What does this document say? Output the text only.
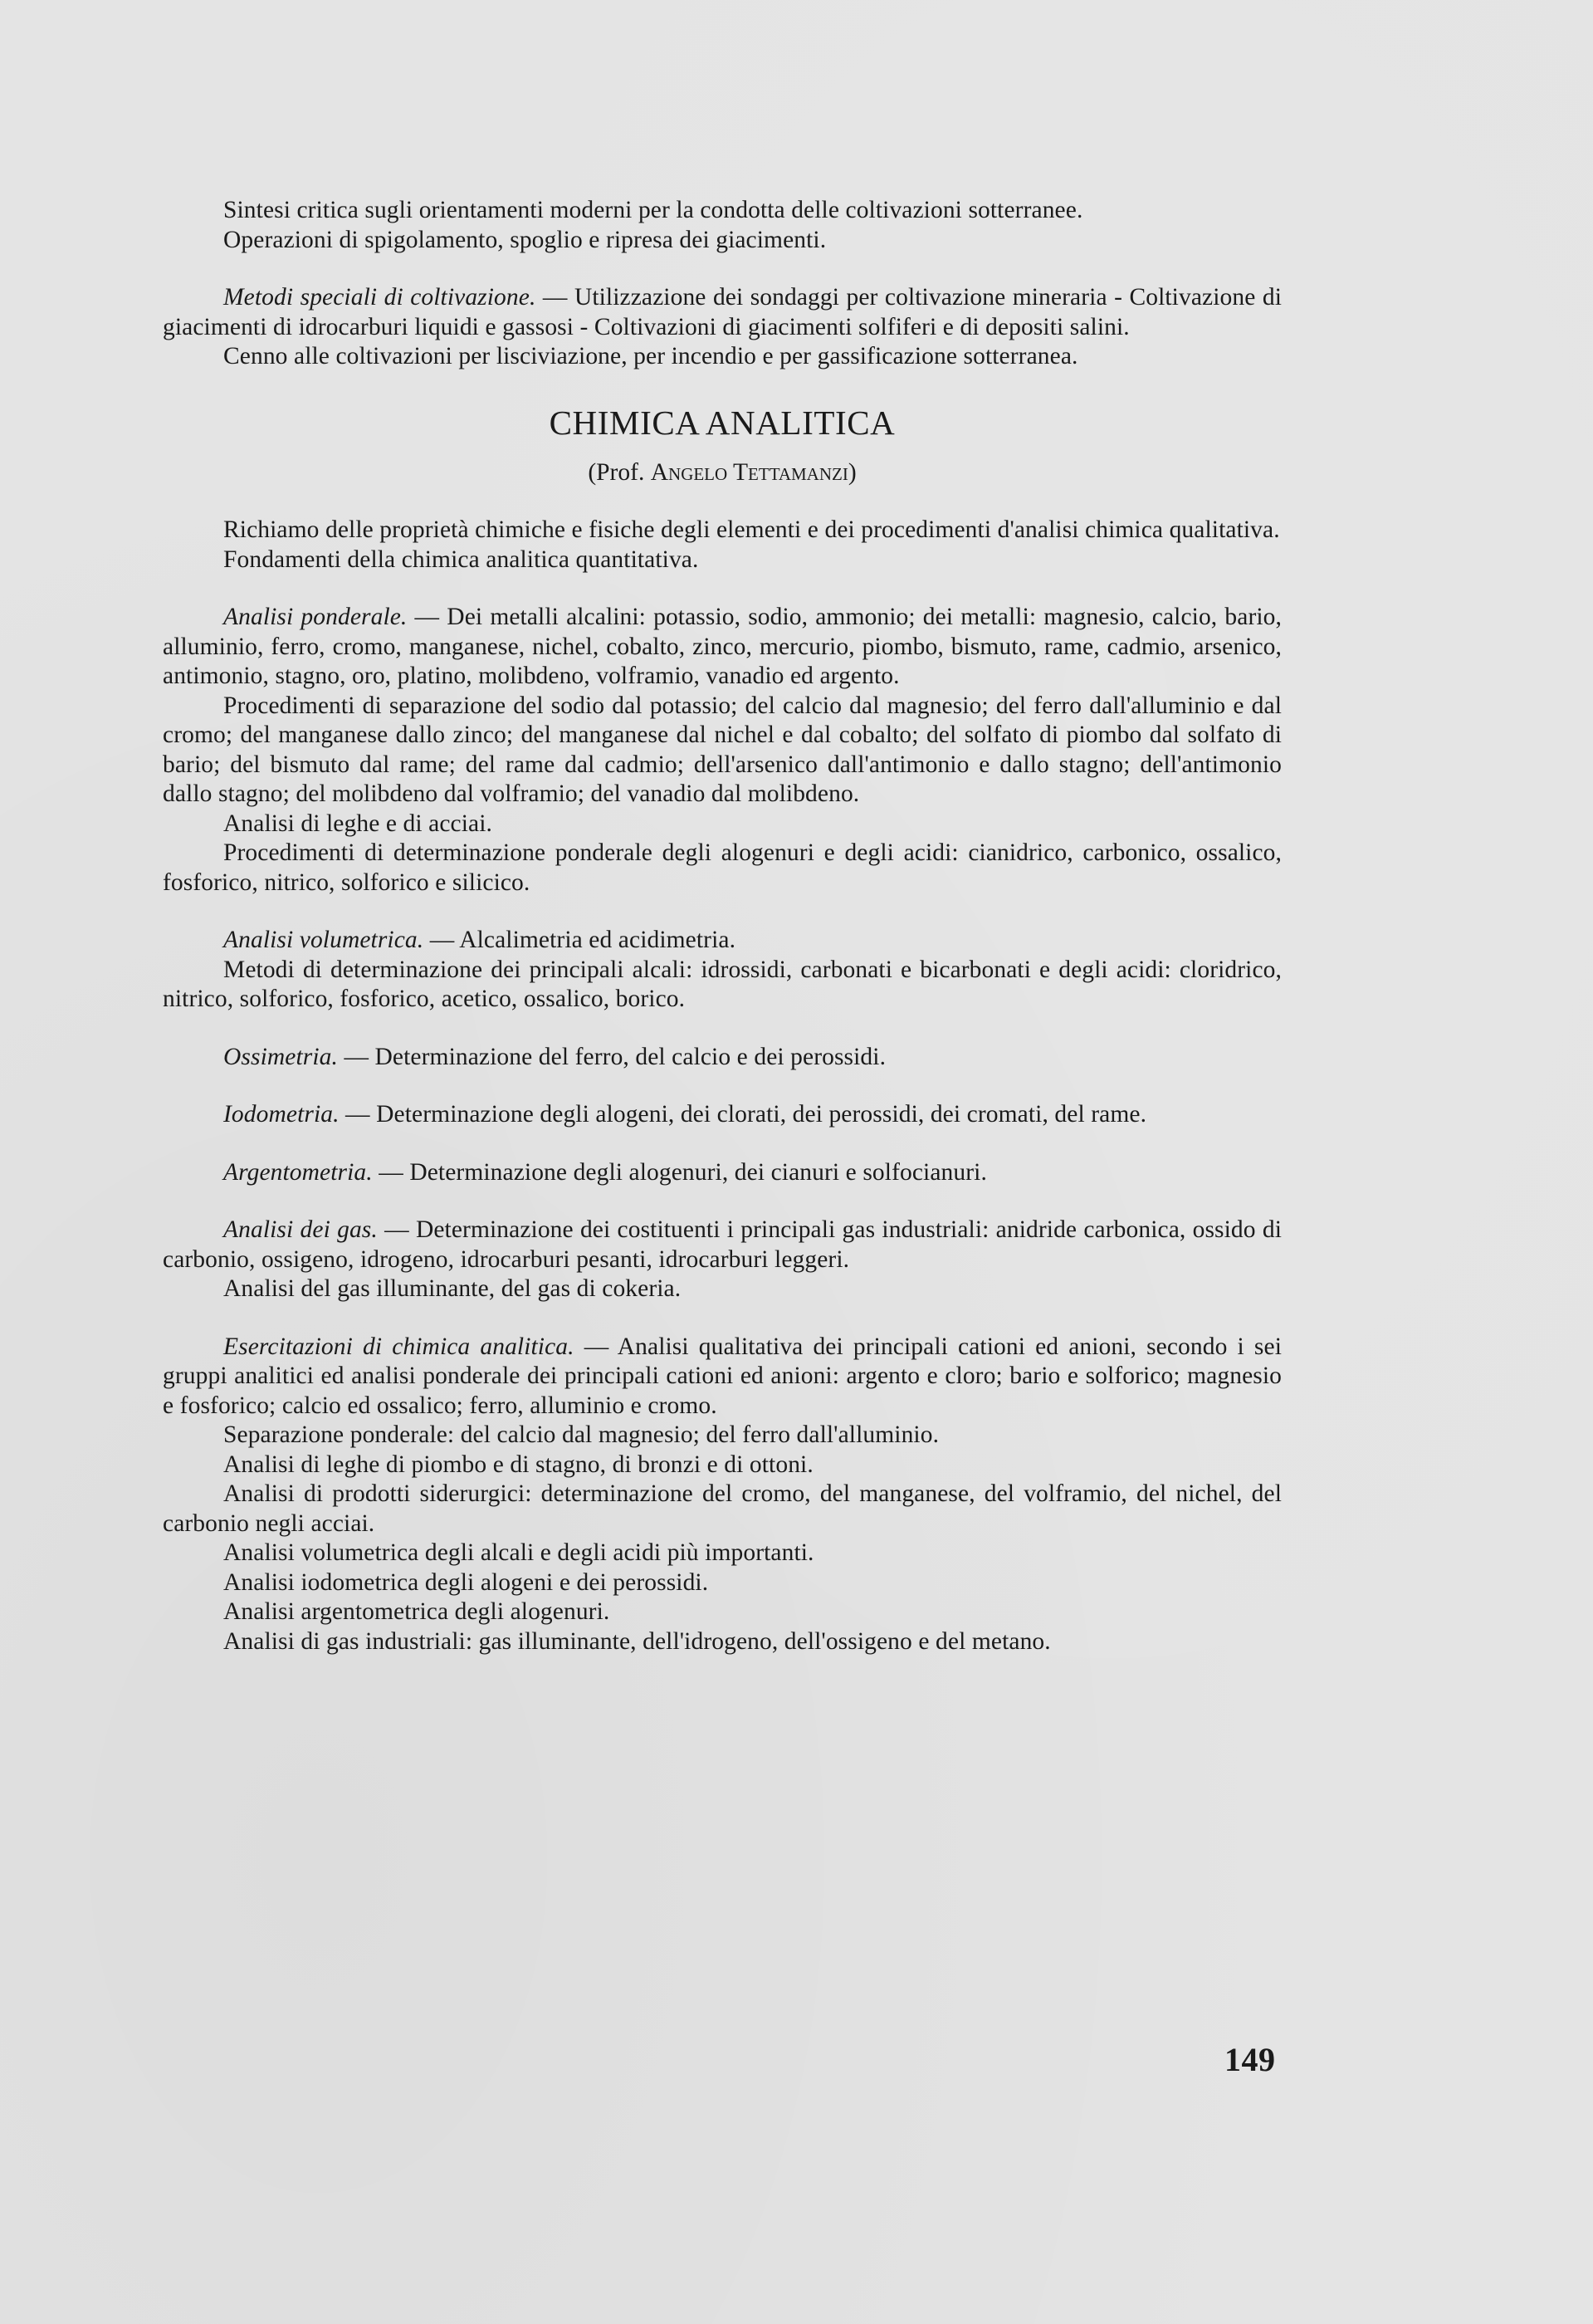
Sintesi critica sugli orientamenti moderni per la condotta delle coltivazioni sotterranee.

Operazioni di spigolamento, spoglio e ripresa dei giacimenti.

Metodi speciali di coltivazione. — Utilizzazione dei sondaggi per coltivazione mineraria - Coltivazione di giacimenti di idrocarburi liquidi e gassosi - Coltivazioni di giacimenti solfiferi e di depositi salini.

Cenno alle coltivazioni per lisciviazione, per incendio e per gassificazione sotterranea.

CHIMICA ANALITICA

(Prof. Angelo Tettamanzi)

Richiamo delle proprietà chimiche e fisiche degli elementi e dei procedimenti d'analisi chimica qualitativa.

Fondamenti della chimica analitica quantitativa.

Analisi ponderale. — Dei metalli alcalini: potassio, sodio, ammonio; dei metalli: magnesio, calcio, bario, alluminio, ferro, cromo, manganese, nichel, cobalto, zinco, mercurio, piombo, bismuto, rame, cadmio, arsenico, antimonio, stagno, oro, platino, molibdeno, volframio, vanadio ed argento.

Procedimenti di separazione del sodio dal potassio; del calcio dal magnesio; del ferro dall'alluminio e dal cromo; del manganese dallo zinco; del manganese dal nichel e dal cobalto; del solfato di piombo dal solfato di bario; del bismuto dal rame; del rame dal cadmio; dell'arsenico dall'antimonio e dallo stagno; dell'antimonio dallo stagno; del molibdeno dal volframio; del vanadio dal molibdeno.

Analisi di leghe e di acciai.

Procedimenti di determinazione ponderale degli alogenuri e degli acidi: cianidrico, carbonico, ossalico, fosforico, nitrico, solforico e silicico.

Analisi volumetrica. — Alcalimetria ed acidimetria.

Metodi di determinazione dei principali alcali: idrossidi, carbonati e bicarbonati e degli acidi: cloridrico, nitrico, solforico, fosforico, acetico, ossalico, borico.

Ossimetria. — Determinazione del ferro, del calcio e dei perossidi.

Iodometria. — Determinazione degli alogeni, dei clorati, dei perossidi, dei cromati, del rame.

Argentometria. — Determinazione degli alogenuri, dei cianuri e solfocianuri.

Analisi dei gas. — Determinazione dei costituenti i principali gas industriali: anidride carbonica, ossido di carbonio, ossigeno, idrogeno, idrocarburi pesanti, idrocarburi leggeri.

Analisi del gas illuminante, del gas di cokeria.

Esercitazioni di chimica analitica. — Analisi qualitativa dei principali cationi ed anioni, secondo i sei gruppi analitici ed analisi ponderale dei principali cationi ed anioni: argento e cloro; bario e solforico; magnesio e fosforico; calcio ed ossalico; ferro, alluminio e cromo.

Separazione ponderale: del calcio dal magnesio; del ferro dall'alluminio.

Analisi di leghe di piombo e di stagno, di bronzi e di ottoni.

Analisi di prodotti siderurgici: determinazione del cromo, del manganese, del volframio, del nichel, del carbonio negli acciai.

Analisi volumetrica degli alcali e degli acidi più importanti.

Analisi iodometrica degli alogeni e dei perossidi.

Analisi argentometrica degli alogenuri.

Analisi di gas industriali: gas illuminante, dell'idrogeno, dell'ossigeno e del metano.

149
